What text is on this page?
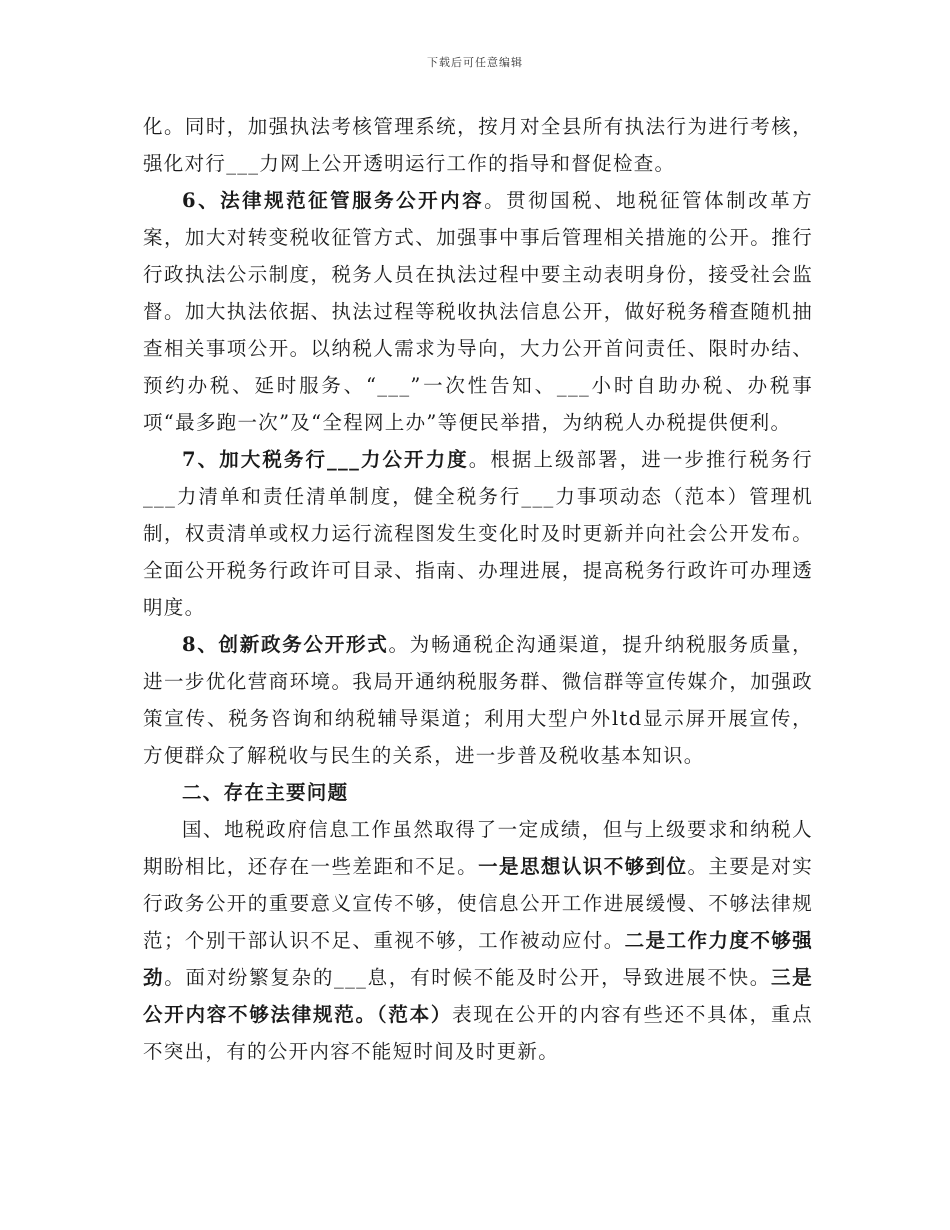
下载后可任意编辑

化。同时，加强执法考核管理系统，按月对全县所有执法行为进行考核，强化对行___力网上公开透明运行工作的指导和督促检查。

6、法律规范征管服务公开内容。贯彻国税、地税征管体制改革方案，加大对转变税收征管方式、加强事中事后管理相关措施的公开。推行行政执法公示制度，税务人员在执法过程中要主动表明身份，接受社会监督。加大执法依据、执法过程等税收执法信息公开，做好税务稽查随机抽查相关事项公开。以纳税人需求为导向，大力公开首问责任、限时办结、预约办税、延时服务、“___”一次性告知、___小时自助办税、办税事项“最多跑一次”及“全程网上办”等便民举措，为纳税人办税提供便利。

7、加大税务行___力公开力度。根据上级部署，进一步推行税务行___力清单和责任清单制度，健全税务行___力事项动态（范本）管理机制，权责清单或权力运行流程图发生变化时及时更新并向社会公开发布。全面公开税务行政许可目录、指南、办理进展，提高税务行政许可办理透明度。

8、创新政务公开形式。为畅通税企沟通渠道，提升纳税服务质量，进一步优化营商环境。我局开通纳税服务群、微信群等宣传媒介，加强政策宣传、税务咨询和纳税辅导渠道；利用大型户外ltd显示屏开展宣传，方便群众了解税收与民生的关系，进一步普及税收基本知识。

二、存在主要问题

国、地税政府信息工作虽然取得了一定成绩，但与上级要求和纳税人期盼相比，还存在一些差距和不足。一是思想认识不够到位。主要是对实行政务公开的重要意义宣传不够，使信息公开工作进展缓慢、不够法律规范；个别干部认识不足、重视不够，工作被动应付。二是工作力度不够强劲。面对纷繁复杂的___息，有时候不能及时公开，导致进展不快。三是公开内容不够法律规范。（范本）表现在公开的内容有些还不具体，重点不突出，有的公开内容不能短时间及时更新。
